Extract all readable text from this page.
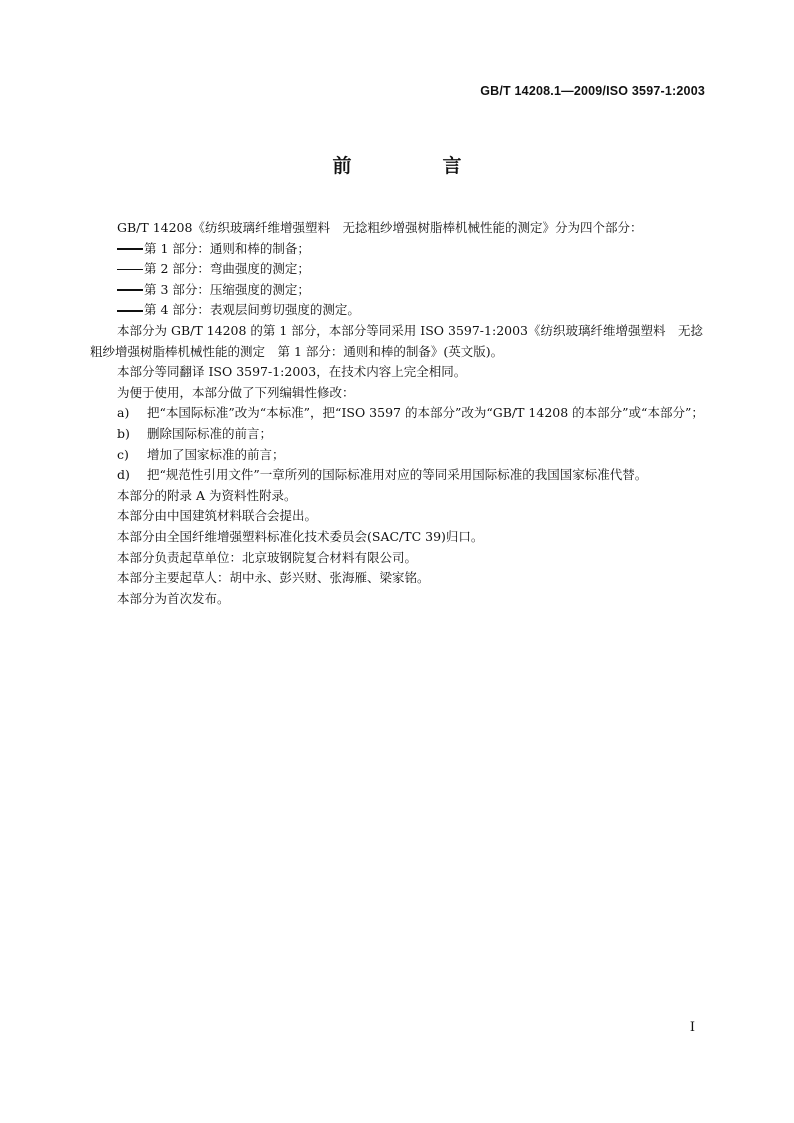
GB/T 14208.1—2009/ISO 3597-1:2003
前　言

GB/T 14208《纺织玻璃纤维增强塑料　无捻粗纱增强树脂棒机械性能的测定》分为四个部分：

第 1 部分：通则和棒的制备；

第 2 部分：弯曲强度的测定；

第 3 部分：压缩强度的测定；

第 4 部分：表观层间剪切强度的测定。

本部分为 GB/T 14208 的第 1 部分，本部分等同采用 ISO 3597-1:2003《纺织玻璃纤维增强塑料　无捻粗纱增强树脂棒机械性能的测定　第 1 部分：通则和棒的制备》(英文版)。

本部分等同翻译 ISO 3597-1:2003，在技术内容上完全相同。

为便于使用，本部分做了下列编辑性修改：

a) 把“本国际标准”改为“本标准”，把“ISO 3597 的本部分”改为“GB/T 14208 的本部分”或“本部分”；

b) 删除国际标准的前言；

c) 增加了国家标准的前言；

d) 把“规范性引用文件”一章所列的国际标准用对应的等同采用国际标准的我国国家标准代替。

本部分的附录 A 为资料性附录。

本部分由中国建筑材料联合会提出。

本部分由全国纤维增强塑料标准化技术委员会(SAC/TC 39)归口。

本部分负责起草单位：北京玻钢院复合材料有限公司。

本部分主要起草人：胡中永、彭兴财、张海雁、梁家铭。

本部分为首次发布。

I
